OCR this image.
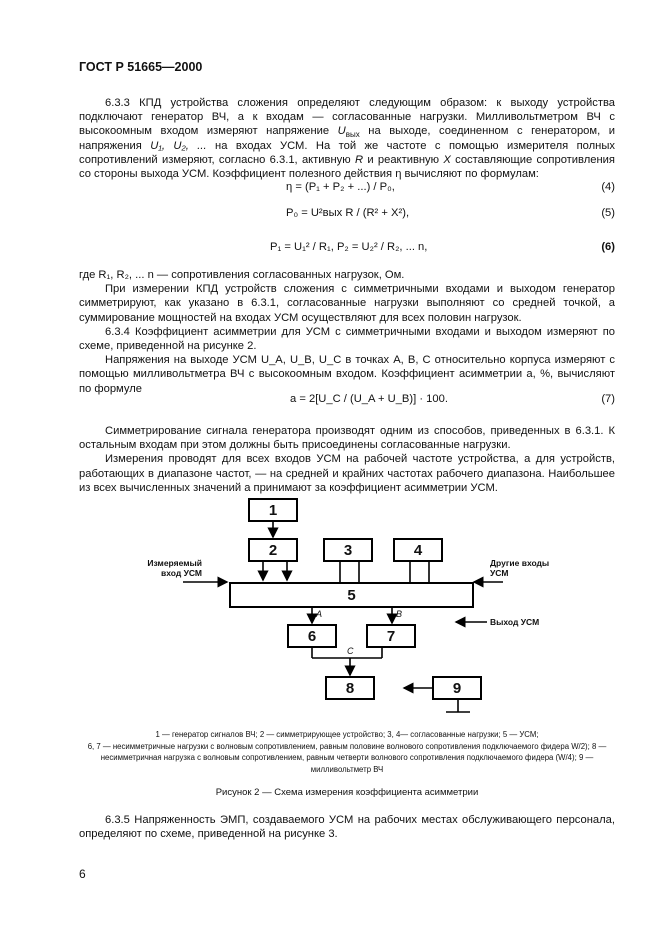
ГОСТ Р 51665—2000

6.3.3 КПД устройства сложения определяют следующим образом: к выходу устройства подключают генератор ВЧ, а к входам — согласованные нагрузки. Милливольтметром ВЧ с высокоомным входом измеряют напряжение $U_{вых}$ на выходе, соединенном с генератором, и напряжения U₁, U₂, ... на входах УСМ. На той же частоте с помощью измерителя полных сопротивлений измеряют, согласно 6.3.1, активную R и реактивную X составляющие сопротивления со стороны выхода УСМ. Коэффициент полезного действия η вычисляют по формулам:

η = (P₁ + P₂ + ...) / P₀,	(4)
P₀ = U²вых R / (R² + X²),	(5)
P₁ = U₁² / R₁, P₂ = U₂² / R₂, ... n,	(6)

где R₁, R₂, ... n — сопротивления согласованных нагрузок, Ом.

При измерении КПД устройств сложения с симметричными входами и выходом генератор симметрируют, как указано в 6.3.1, согласованные нагрузки выполняют со средней точкой, а суммирование мощностей на входах УСМ осуществляют для всех половин нагрузок.

6.3.4 Коэффициент асимметрии для УСМ с симметричными входами и выходом измеряют по схеме, приведенной на рисунке 2.

Напряжения на выходе УСМ U_A, U_B, U_C в точках A, B, C относительно корпуса измеряют с помощью милливольтметра ВЧ с высокоомным входом. Коэффициент асимметрии a, %, вычисляют по формуле

a = 2[U_C / (U_A + U_B)] · 100.	(7)

Симметрирование сигнала генератора производят одним из способов, приведенных в 6.3.1. К остальным входам при этом должны быть присоединены согласованные нагрузки.

Измерения проводят для всех входов УСМ на рабочей частоте устройства, а для устройств, работающих в диапазоне частот, — на средней и крайних частотах рабочего диапазона. Наибольшее из всех вычисленных значений a принимают за коэффициент асимметрии УСМ.

1
2	3	4
5
6	7
8	9
Измеряемый вход УСМ
Другие входы УСМ
Выход УСМ
A	B
C
1 — генератор сигналов ВЧ; 2 — симметрирующее устройство; 3, 4— согласованные нагрузки; 5 — УСМ;
6, 7 — несимметричные нагрузки с волновым сопротивлением, равным половине волнового сопротивления подключаемого фидера W/2); 8 — несимметричная нагрузка с волновым сопротивлением, равным четверти волнового сопротивления подключаемого фидера (W/4); 9 — милливольтметр ВЧ
Рисунок 2 — Схема измерения коэффициента асимметрии

6.3.5 Напряженность ЭМП, создаваемого УСМ на рабочих местах обслуживающего персонала, определяют по схеме, приведенной на рисунке 3.

6
